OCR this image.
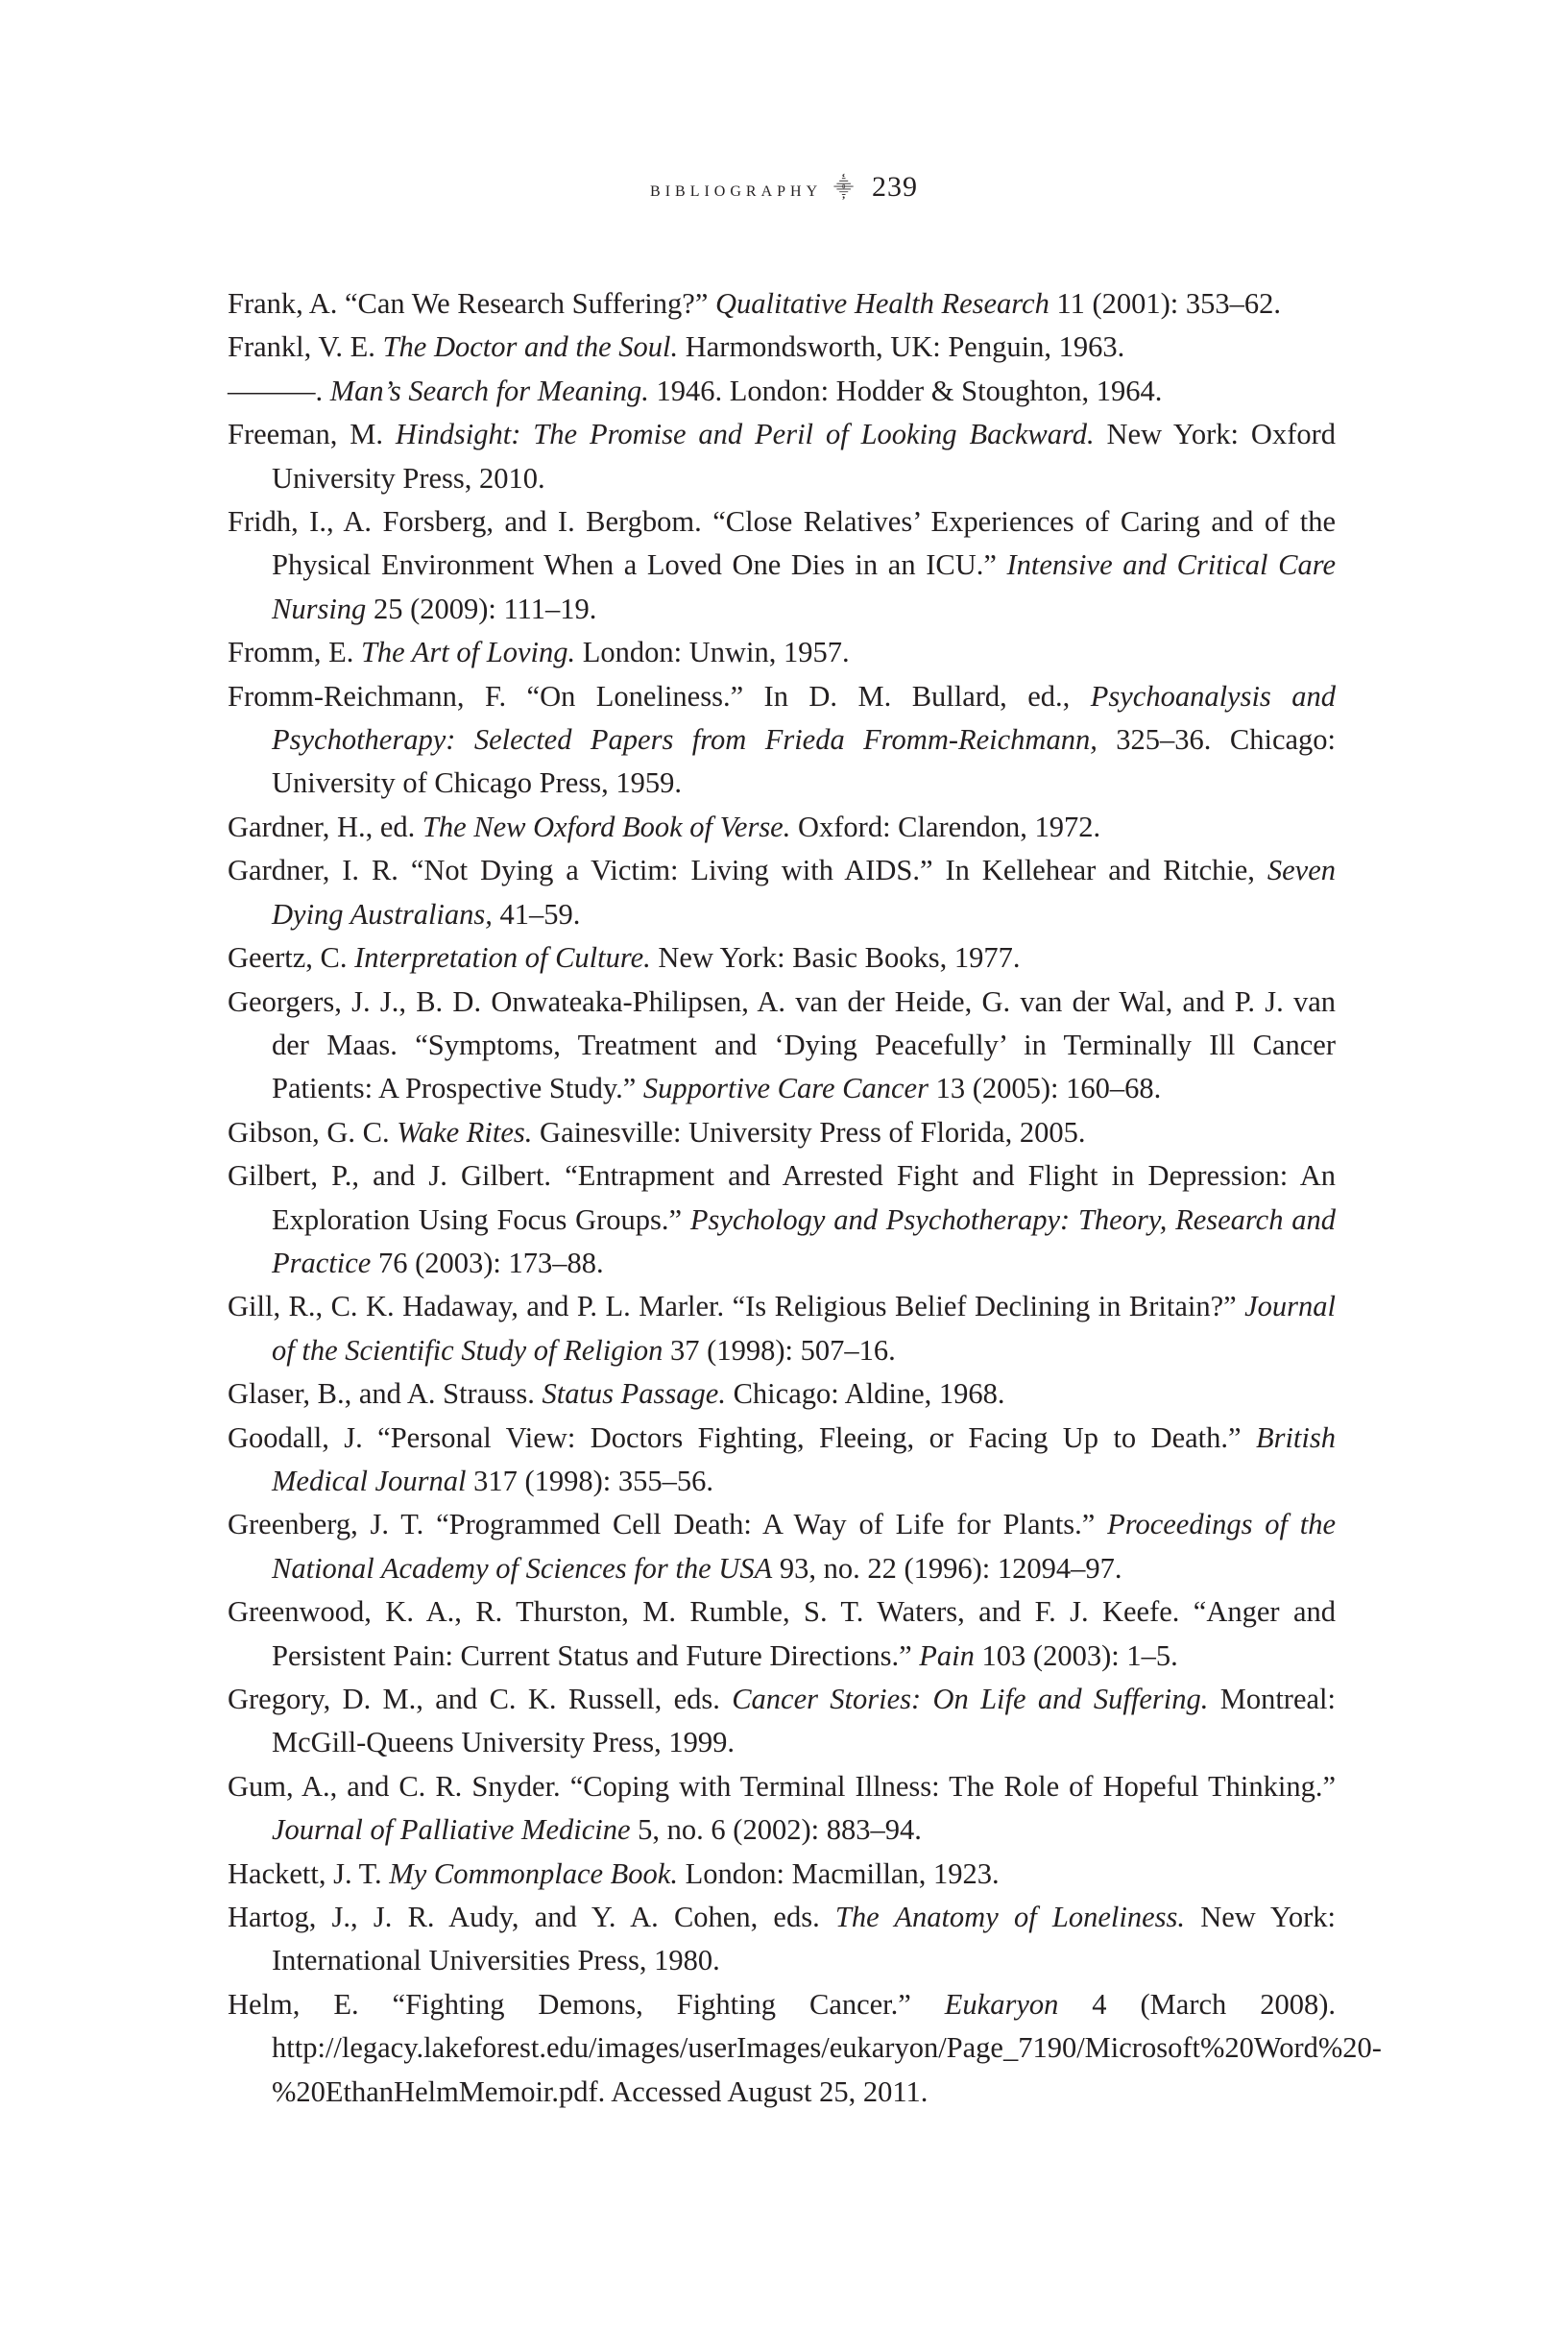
bibliography ⸎ 239

Frank, A. “Can We Research Suffering?” Qualitative Health Research 11 (2001): 353–62.

Frankl, V. E. The Doctor and the Soul. Harmondsworth, UK: Penguin, 1963.

———. Man’s Search for Meaning. 1946. London: Hodder & Stoughton, 1964.

Freeman, M. Hindsight: The Promise and Peril of Looking Backward. New York: Oxford University Press, 2010.

Fridh, I., A. Forsberg, and I. Bergbom. “Close Relatives’ Experiences of Caring and of the Physical Environment When a Loved One Dies in an ICU.” Intensive and Critical Care Nursing 25 (2009): 111–19.

Fromm, E. The Art of Loving. London: Unwin, 1957.

Fromm-Reichmann, F. “On Loneliness.” In D. M. Bullard, ed., Psychoanalysis and Psychotherapy: Selected Papers from Frieda Fromm-Reichmann, 325–36. Chicago: University of Chicago Press, 1959.

Gardner, H., ed. The New Oxford Book of Verse. Oxford: Clarendon, 1972.

Gardner, I. R. “Not Dying a Victim: Living with AIDS.” In Kellehear and Ritchie, Seven Dying Australians, 41–59.

Geertz, C. Interpretation of Culture. New York: Basic Books, 1977.

Georgers, J. J., B. D. Onwateaka-Philipsen, A. van der Heide, G. van der Wal, and P. J. van der Maas. “Symptoms, Treatment and ‘Dying Peacefully’ in Terminally Ill Cancer Patients: A Prospective Study.” Supportive Care Cancer 13 (2005): 160–68.

Gibson, G. C. Wake Rites. Gainesville: University Press of Florida, 2005.

Gilbert, P., and J. Gilbert. “Entrapment and Arrested Fight and Flight in Depression: An Exploration Using Focus Groups.” Psychology and Psychotherapy: Theory, Research and Practice 76 (2003): 173–88.

Gill, R., C. K. Hadaway, and P. L. Marler. “Is Religious Belief Declining in Britain?” Journal of the Scientific Study of Religion 37 (1998): 507–16.

Glaser, B., and A. Strauss. Status Passage. Chicago: Aldine, 1968.

Goodall, J. “Personal View: Doctors Fighting, Fleeing, or Facing Up to Death.” British Medical Journal 317 (1998): 355–56.

Greenberg, J. T. “Programmed Cell Death: A Way of Life for Plants.” Proceedings of the National Academy of Sciences for the USA 93, no. 22 (1996): 12094–97.

Greenwood, K. A., R. Thurston, M. Rumble, S. T. Waters, and F. J. Keefe. “Anger and Persistent Pain: Current Status and Future Directions.” Pain 103 (2003): 1–5.

Gregory, D. M., and C. K. Russell, eds. Cancer Stories: On Life and Suffering. Montreal: McGill-Queens University Press, 1999.

Gum, A., and C. R. Snyder. “Coping with Terminal Illness: The Role of Hopeful Thinking.” Journal of Palliative Medicine 5, no. 6 (2002): 883–94.

Hackett, J. T. My Commonplace Book. London: Macmillan, 1923.

Hartog, J., J. R. Audy, and Y. A. Cohen, eds. The Anatomy of Loneliness. New York: International Universities Press, 1980.

Helm, E. “Fighting Demons, Fighting Cancer.” Eukaryon 4 (March 2008). http://legacy.lakeforest.edu/images/userImages/eukaryon/Page_7190/Microsoft%20Word%20-%20EthanHelmMemoir.pdf. Accessed August 25, 2011.
